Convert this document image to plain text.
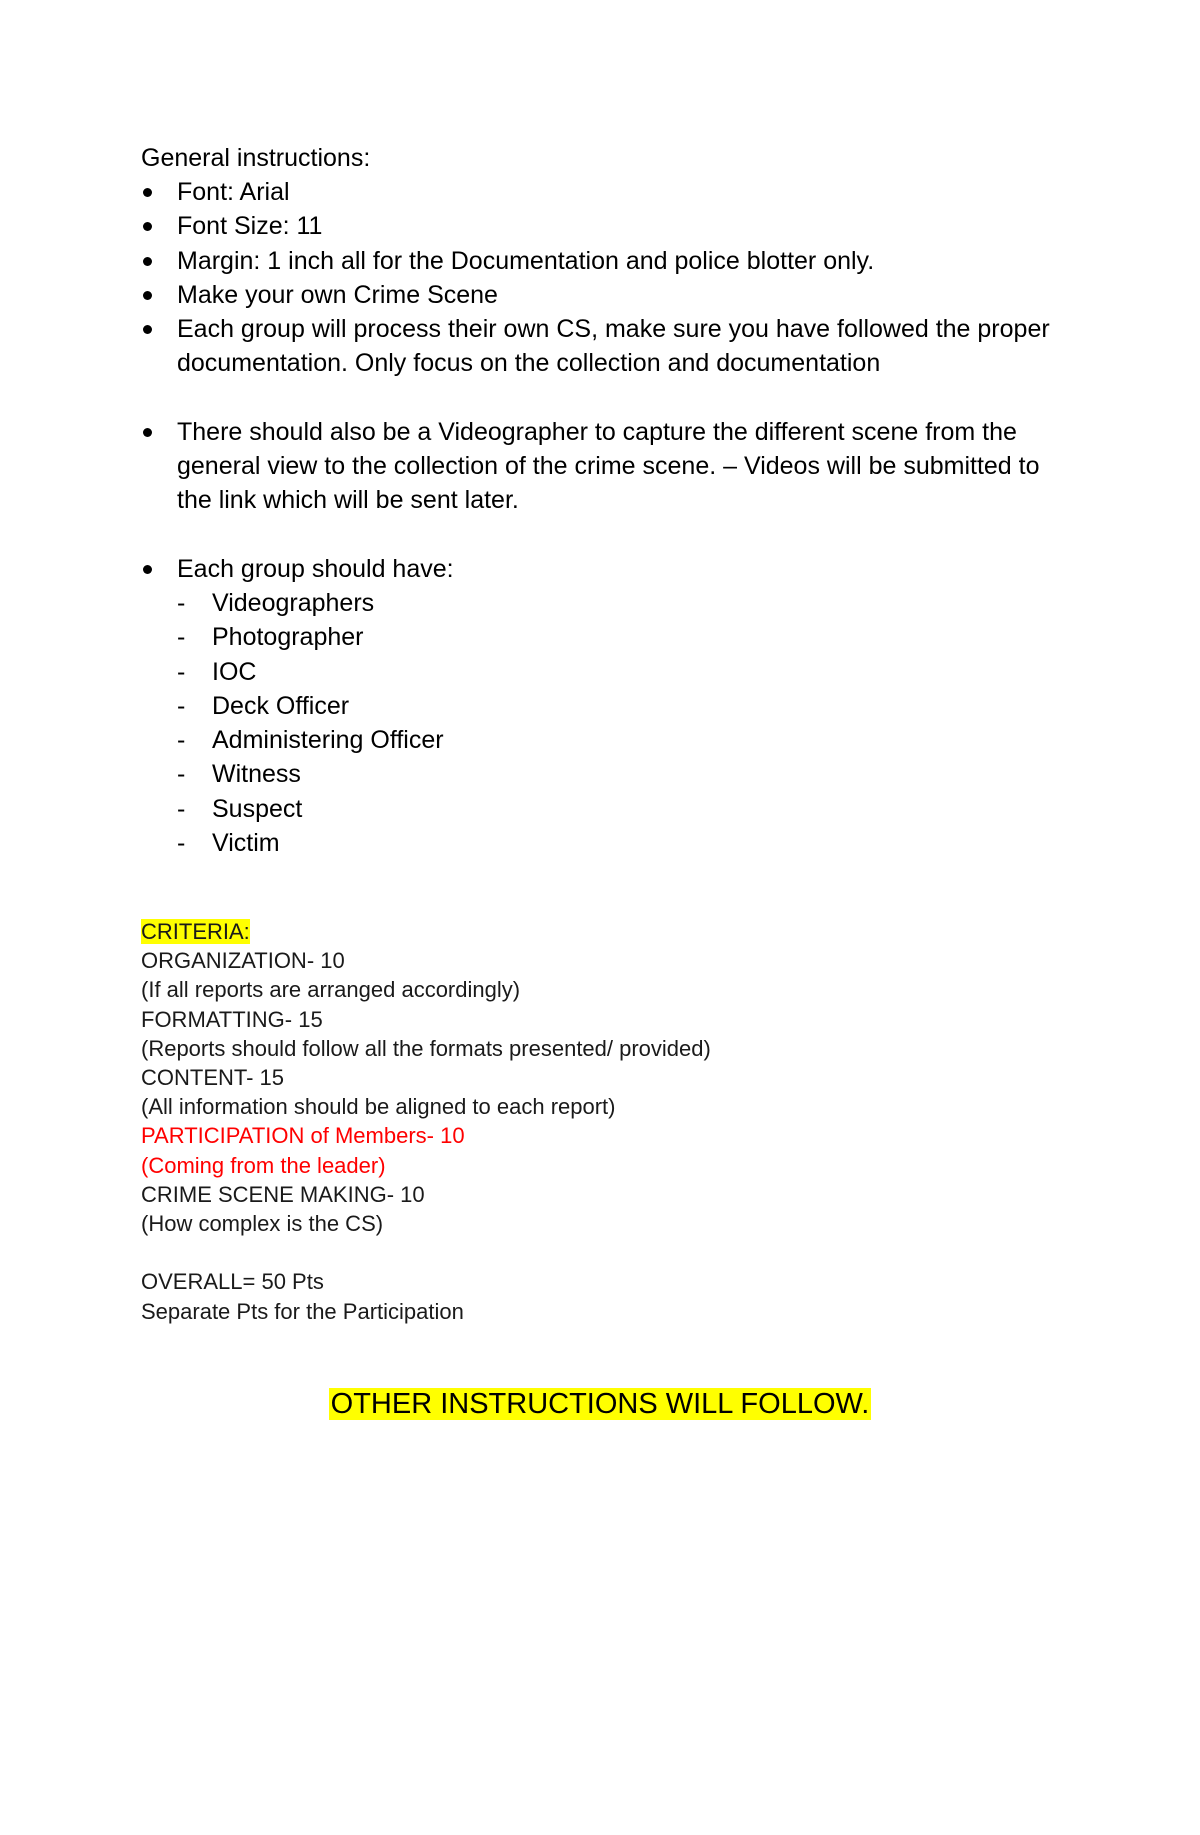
General instructions:

Font: Arial
Font Size: 11
Margin: 1 inch all for the Documentation and police blotter only.
Make your own Crime Scene
Each group will process their own CS, make sure you have followed the proper documentation. Only focus on the collection and documentation
There should also be a Videographer to capture the different scene from the general view to the collection of the crime scene. – Videos will be submitted to the link which will be sent later.
Each group should have:
- Videographers
- Photographer
- IOC
- Deck Officer
- Administering Officer
- Witness
- Suspect
- Victim
CRITERIA:
ORGANIZATION- 10
(If all reports are arranged accordingly)
FORMATTING- 15
(Reports should follow all the formats presented/ provided)
CONTENT- 15
(All information should be aligned to each report)
PARTICIPATION of Members- 10
(Coming from the leader)
CRIME SCENE MAKING- 10
(How complex is the CS)
OVERALL= 50 Pts
Separate Pts for the Participation
OTHER INSTRUCTIONS WILL FOLLOW.
